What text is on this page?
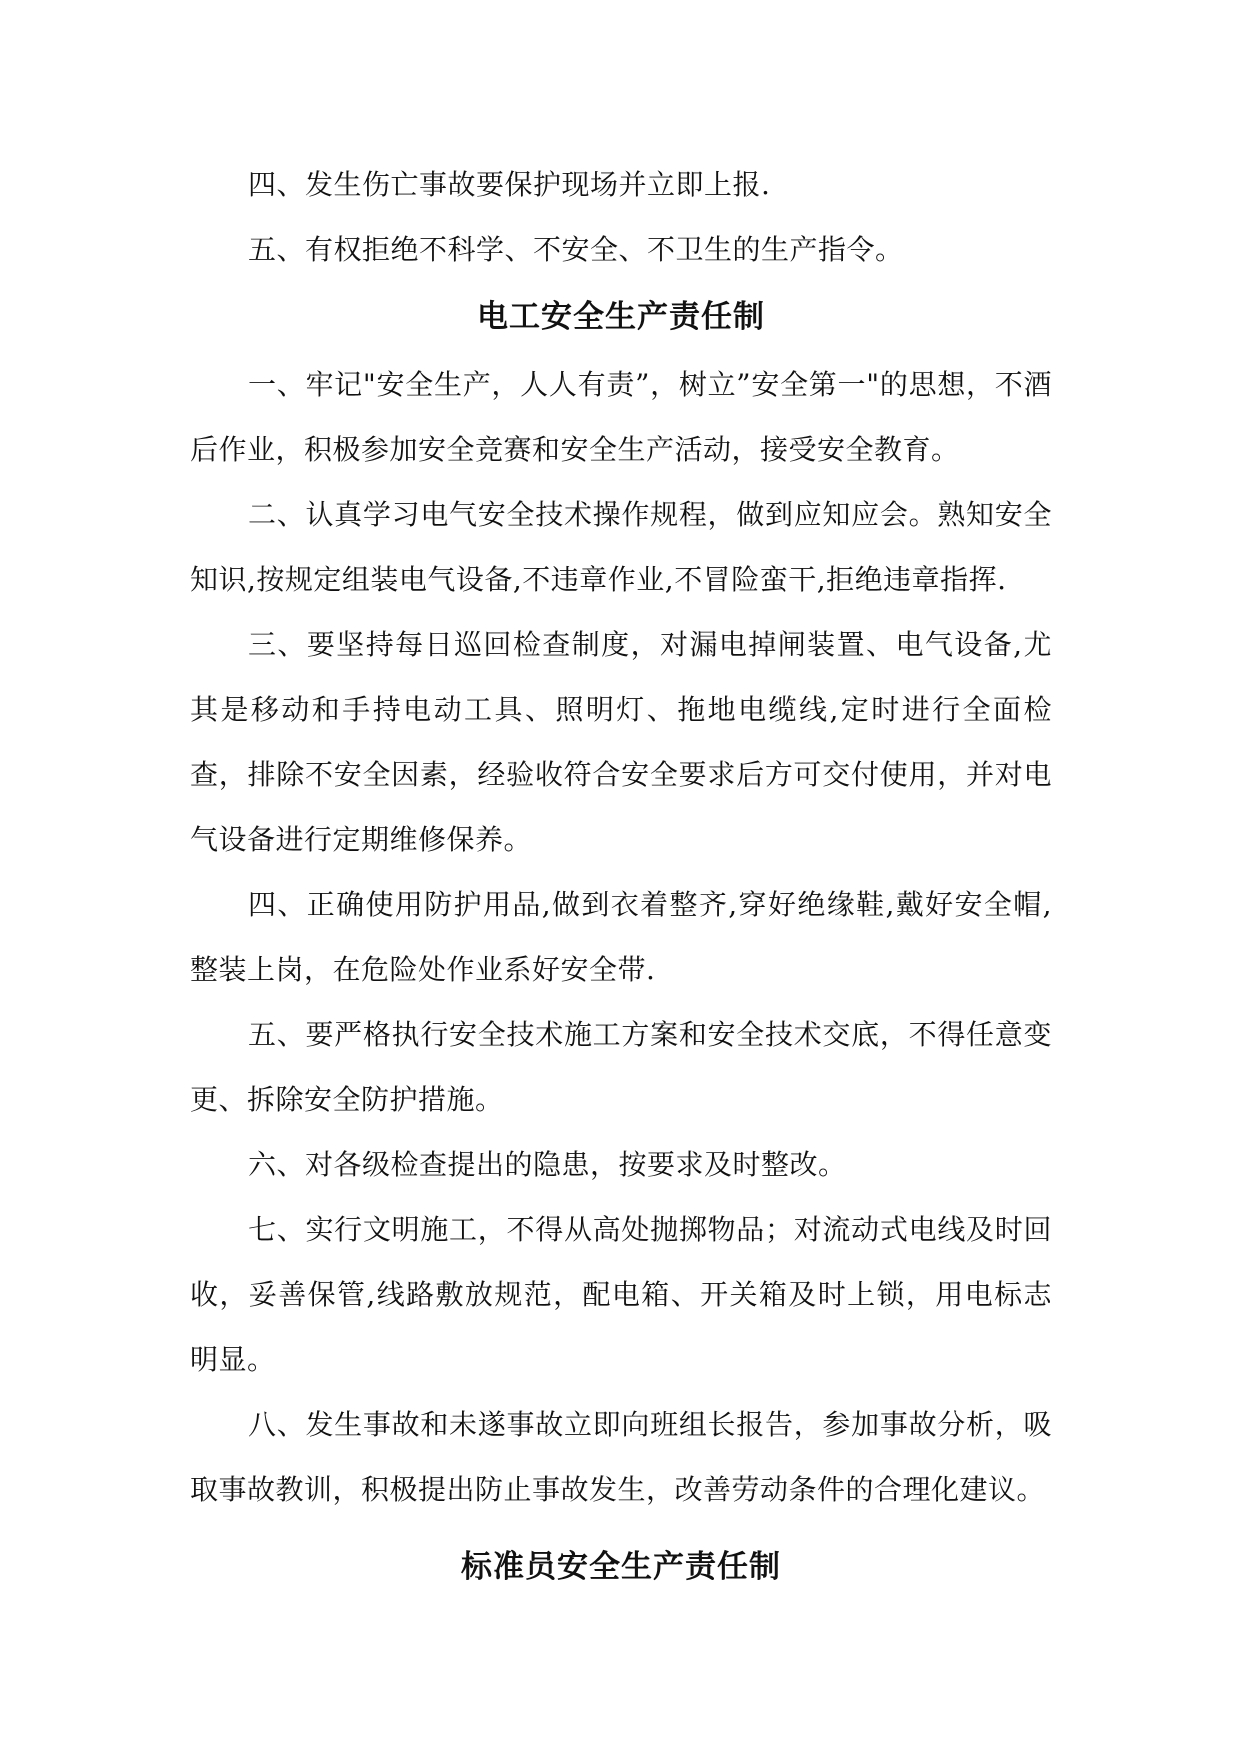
四、发生伤亡事故要保护现场并立即上报.

五、有权拒绝不科学、不安全、不卫生的生产指令。

电工安全生产责任制

一、牢记"安全生产，人人有责”，树立”安全第一"的思想，不酒后作业，积极参加安全竞赛和安全生产活动，接受安全教育。

二、认真学习电气安全技术操作规程，做到应知应会。熟知安全知识,按规定组装电气设备,不违章作业,不冒险蛮干,拒绝违章指挥.

三、要坚持每日巡回检查制度，对漏电掉闸装置、电气设备,尤其是移动和手持电动工具、照明灯、拖地电缆线,定时进行全面检查，排除不安全因素，经验收符合安全要求后方可交付使用，并对电气设备进行定期维修保养。

四、正确使用防护用品,做到衣着整齐,穿好绝缘鞋,戴好安全帽,整装上岗，在危险处作业系好安全带.

五、要严格执行安全技术施工方案和安全技术交底，不得任意变更、拆除安全防护措施。

六、对各级检查提出的隐患，按要求及时整改。

七、实行文明施工，不得从高处抛掷物品；对流动式电线及时回收，妥善保管,线路敷放规范，配电箱、开关箱及时上锁，用电标志明显。

八、发生事故和未遂事故立即向班组长报告，参加事故分析，吸取事故教训，积极提出防止事故发生，改善劳动条件的合理化建议。

标准员安全生产责任制
